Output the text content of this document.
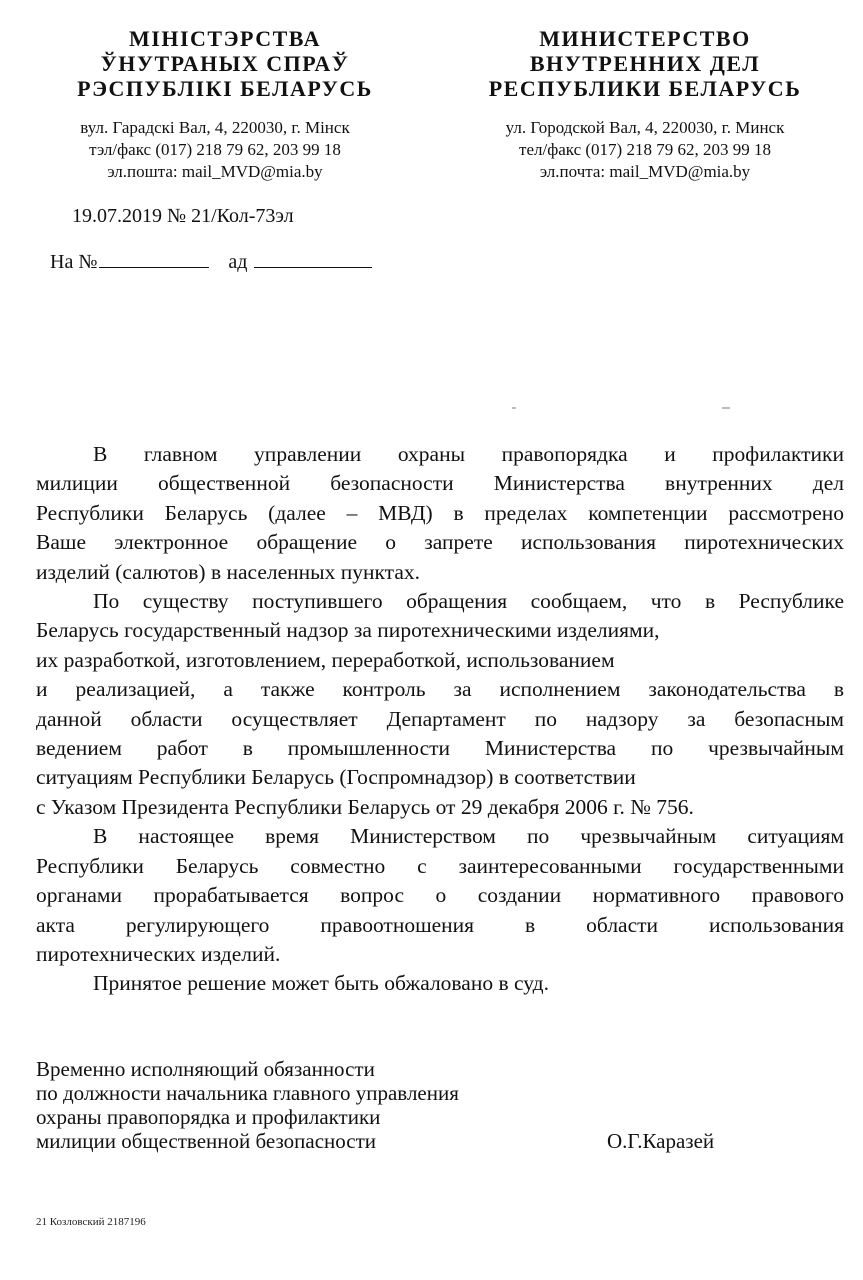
МІНІСТЭРСТВА
ЎНУТРАНЫХ СПРАЎ
РЭСПУБЛІКІ БЕЛАРУСЬ
вул. Гарадскі Вал, 4, 220030, г. Мінск
тэл/факс (017) 218 79 62, 203 99 18
эл.пошта: mail_MVD@mia.by
МИНИСТЕРСТВО
ВНУТРЕННИХ ДЕЛ
РЕСПУБЛИКИ БЕЛАРУСЬ
ул. Городской Вал, 4, 220030, г. Минск
тел/факс (017) 218 79 62, 203 99 18
эл.почта: mail_MVD@mia.by
19.07.2019 № 21/Кол-73эл
На №	ад
В главном управлении охраны правопорядка и профилактики
милиции общественной безопасности Министерства внутренних дел
Республики Беларусь (далее – МВД) в пределах компетенции рассмотрено
Ваше электронное обращение о запрете использования пиротехнических
изделий (салютов) в населенных пунктах.
По существу поступившего обращения сообщаем, что в Республике
Беларусь государственный надзор за пиротехническими изделиями,
их разработкой, изготовлением, переработкой, использованием
и реализацией, а также контроль за исполнением законодательства в
данной области осуществляет Департамент по надзору за безопасным
ведением работ в промышленности Министерства по чрезвычайным
ситуациям Республики Беларусь (Госпромнадзор) в соответствии
с Указом Президента Республики Беларусь от 29 декабря 2006 г. № 756.
В настоящее время Министерством по чрезвычайным ситуациям
Республики Беларусь совместно с заинтересованными государственными
органами прорабатывается вопрос о создании нормативного правового
акта регулирующего правоотношения в области использования
пиротехнических изделий.
Принятое решение может быть обжаловано в суд.
Временно исполняющий обязанности
по должности начальника главного управления
охраны правопорядка и профилактики
милиции общественной безопасности	О.Г.Каразей
21 Козловский 2187196
